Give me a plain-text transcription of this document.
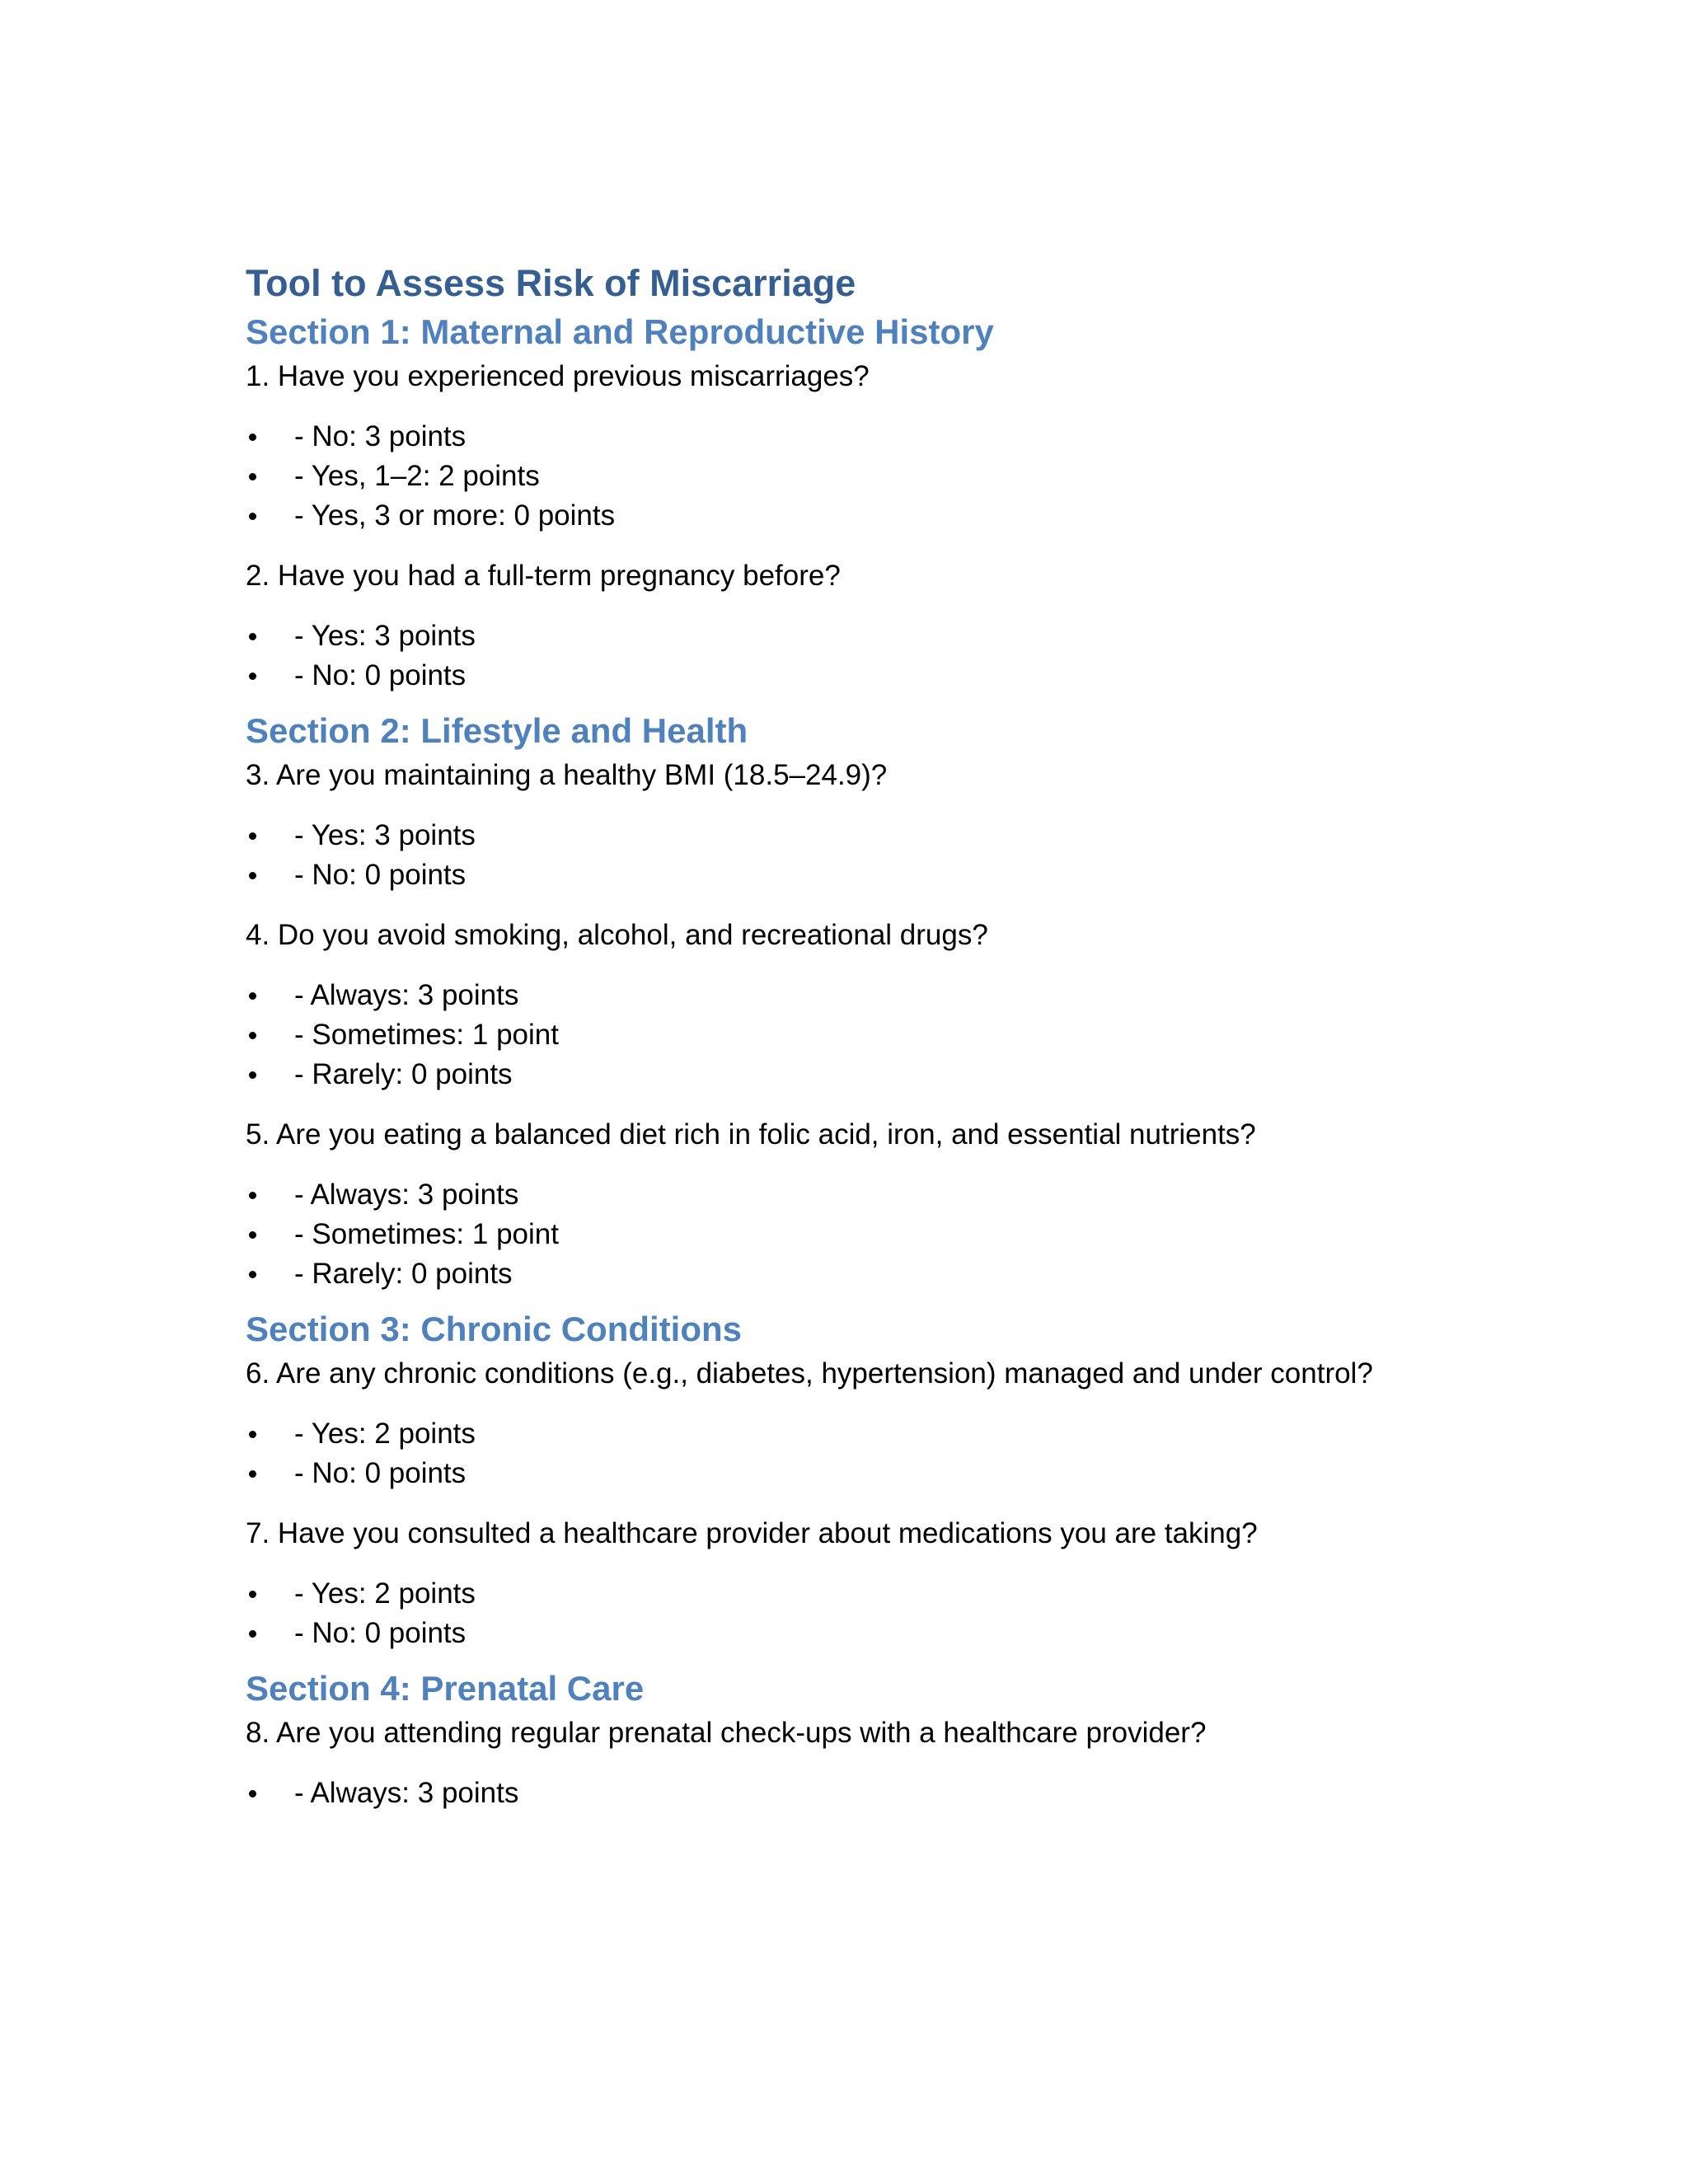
Tool to Assess Risk of Miscarriage
Section 1: Maternal and Reproductive History

1. Have you experienced previous miscarriages?

- No: 3 points
- Yes, 1–2: 2 points
- Yes, 3 or more: 0 points

2. Have you had a full-term pregnancy before?

- Yes: 3 points
- No: 0 points
Section 2: Lifestyle and Health

3. Are you maintaining a healthy BMI (18.5–24.9)?

- Yes: 3 points
- No: 0 points

4. Do you avoid smoking, alcohol, and recreational drugs?

- Always: 3 points
- Sometimes: 1 point
- Rarely: 0 points

5. Are you eating a balanced diet rich in folic acid, iron, and essential nutrients?

- Always: 3 points
- Sometimes: 1 point
- Rarely: 0 points
Section 3: Chronic Conditions

6. Are any chronic conditions (e.g., diabetes, hypertension) managed and under control?

- Yes: 2 points
- No: 0 points

7. Have you consulted a healthcare provider about medications you are taking?

- Yes: 2 points
- No: 0 points
Section 4: Prenatal Care

8. Are you attending regular prenatal check-ups with a healthcare provider?

- Always: 3 points
